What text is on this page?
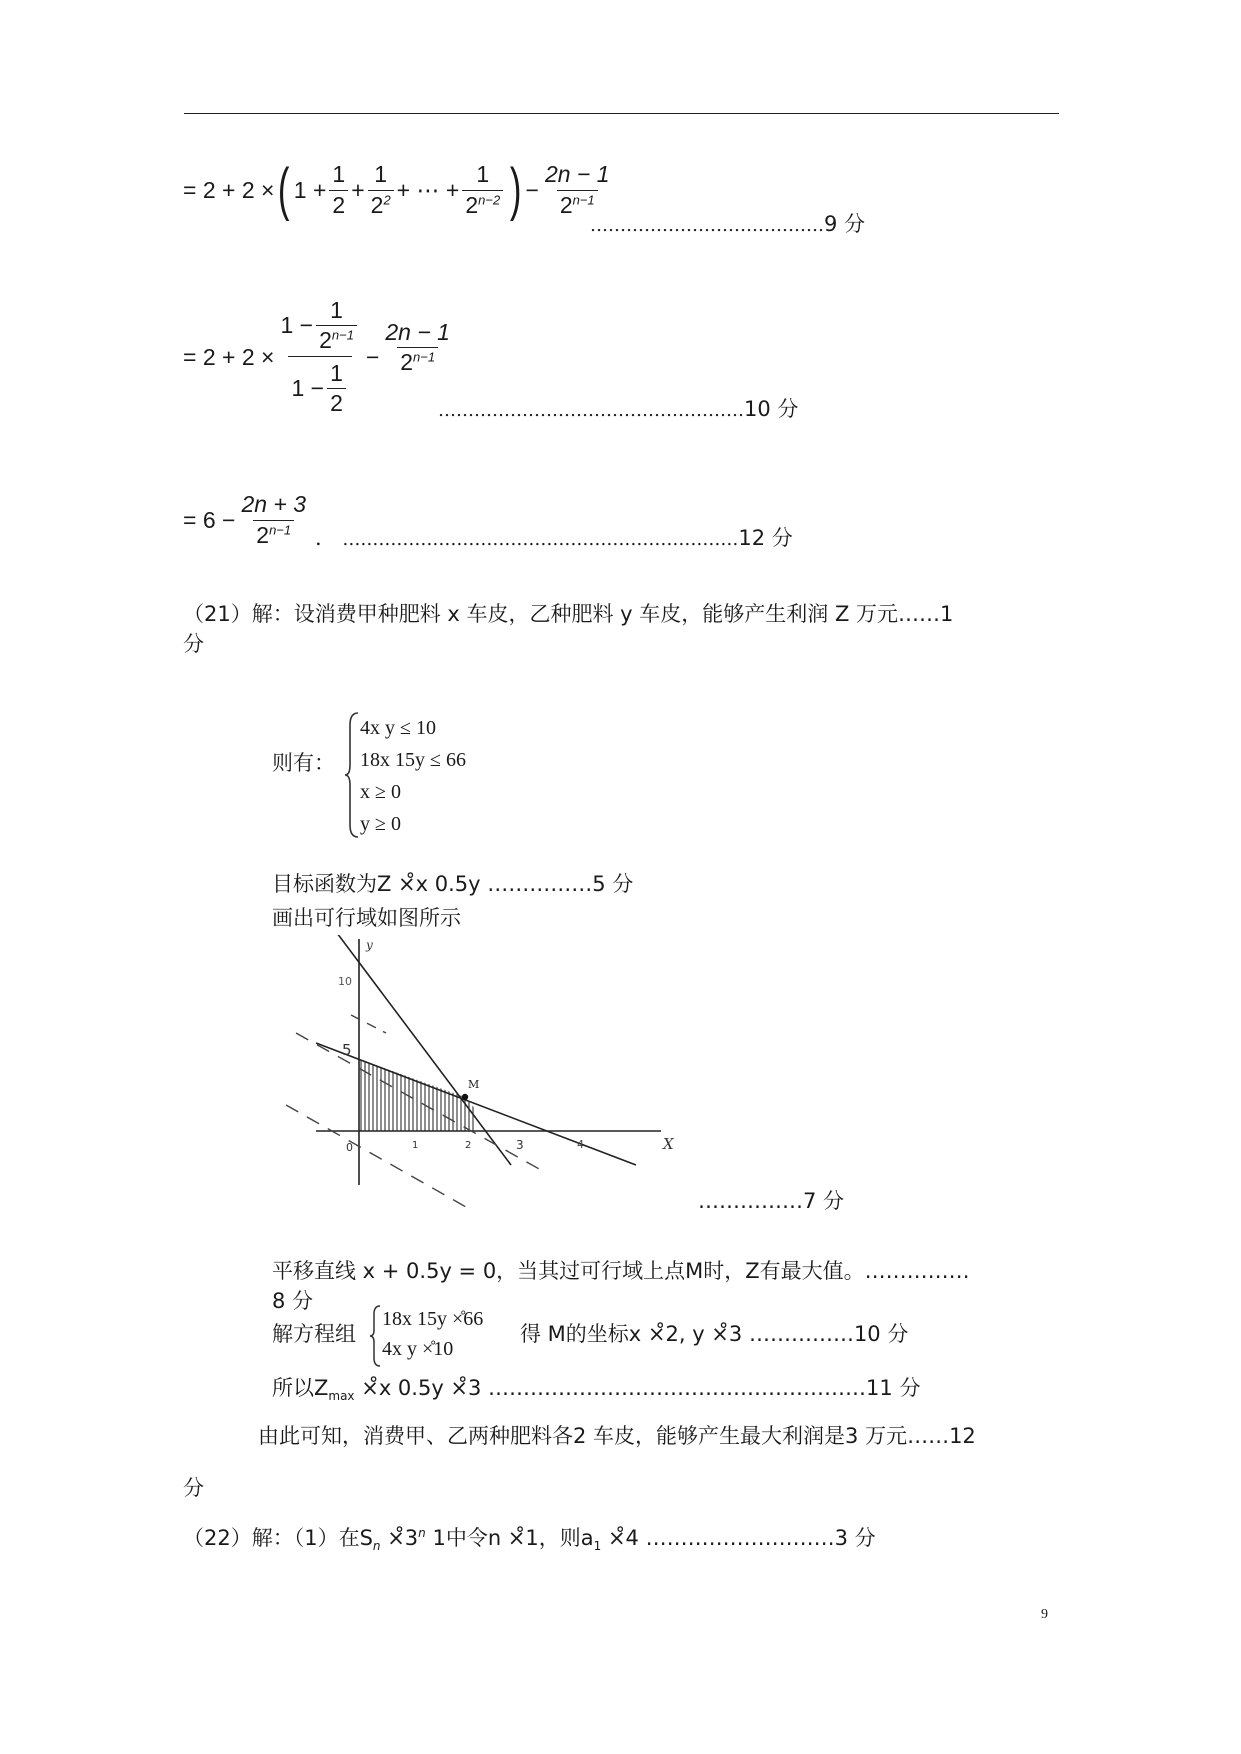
= 2 + 2 × ( $1 + \frac{1}{2} + \frac{1}{2^2}$ + ⋯ + $\frac{1}{2^{n-2}}$ ) − $\frac{2n - 1}{2^{n-1}}$
…………………………………9 分
= $2 + 2 \times \frac{1 - \frac{1}{2^{n-1}}}{1 - \frac{1}{2}} - \frac{2n - 1}{2^{n-1}}$
……………………………………………10 分
= $6 - \frac{2n + 3}{2^{n-1}}$ . …………………………………………………………12 分
（21）解：设消费甲种肥料 x 车皮，乙种肥料 y 车皮，能够产生利润 Z 万元……1
分
则有：
4x y ≤ 10
18x 15y ≤ 66
x ≥ 0
y ≥ 0
目标函数为Z ×̊x 0.5y ……………5 分
画出可行域如图所示
y
10
5
0	1	2	3	4
M
X
……………7 分
平移直线 x + 0.5y = 0，当其过可行域上点M时，Z有最大值。……………
8 分
解方程组
18x 15y ×̊66
4x y ×̊10
得 M的坐标x ×̊2, y ×̊3 ……………10 分
所以$Z_{max}$ ×̊x 0.5y ×̊3 ………………………………………………11 分
由此可知，消费甲、乙两种肥料各2 车皮，能够产生最大利润是3 万元……12
分
（22）解：（1）在$S_n$ $\times̊3^n$ 1中令n ×̊1，则$a_1$ ×̊4 ………………………3 分
9
